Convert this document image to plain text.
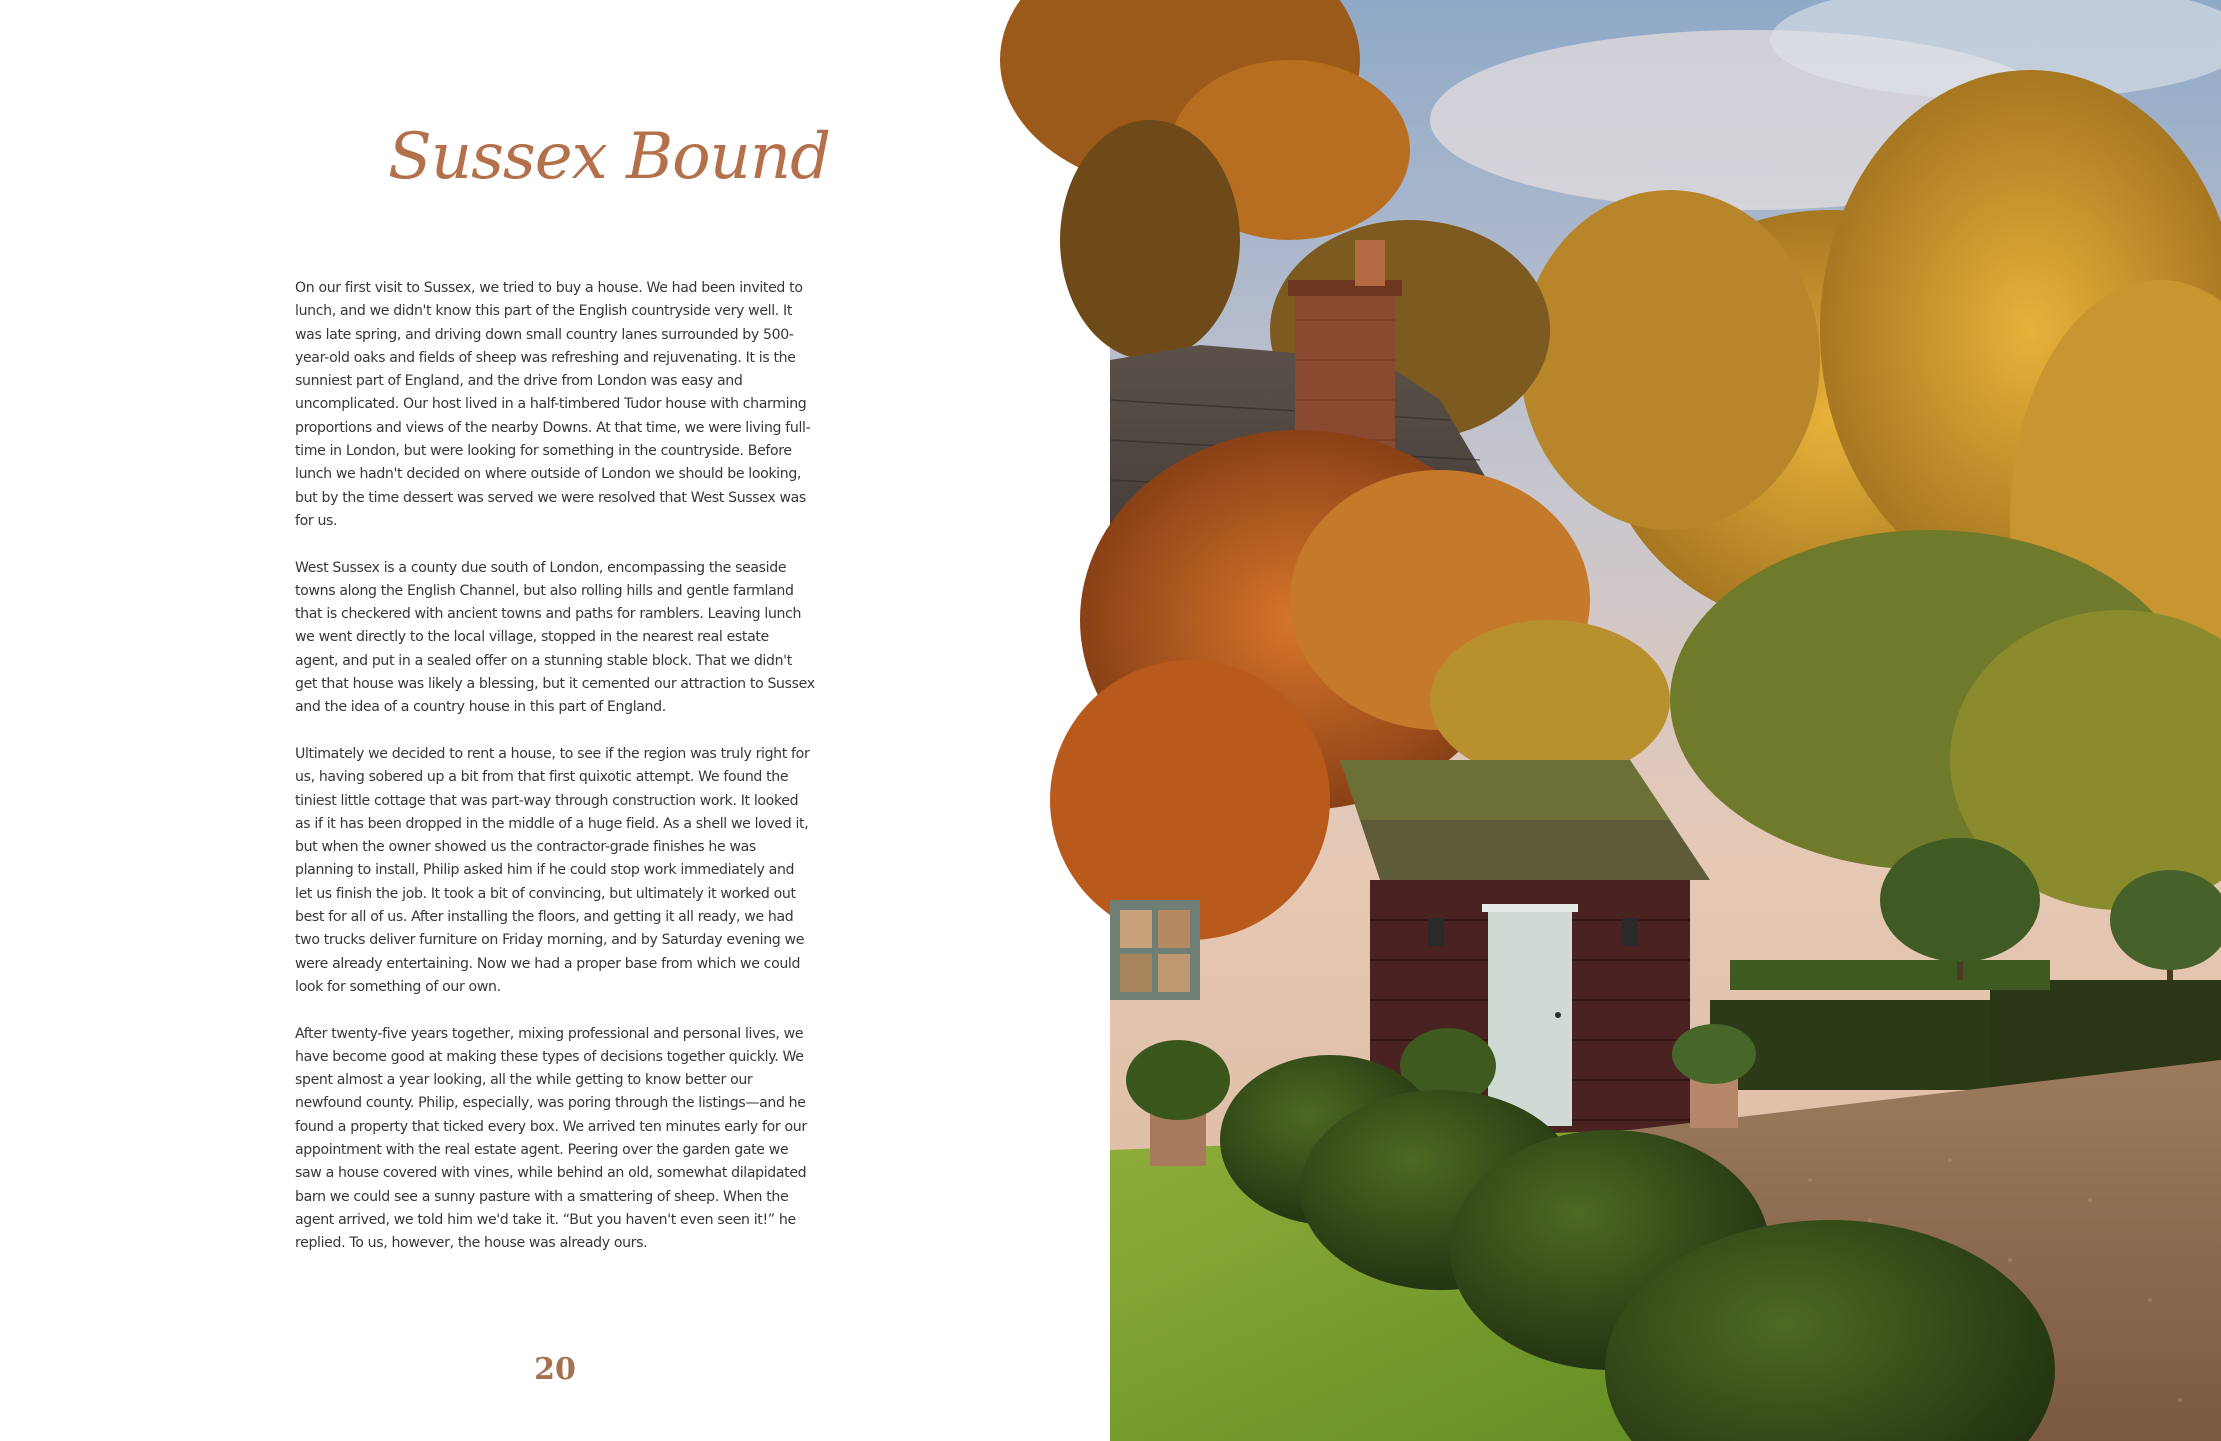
Sussex Bound

On our first visit to Sussex, we tried to buy a house. We had been invited to lunch, and we didn't know this part of the English countryside very well. It was late spring, and driving down small country lanes surrounded by 500-year-old oaks and fields of sheep was refreshing and rejuvenating. It is the sunniest part of England, and the drive from London was easy and uncomplicated. Our host lived in a half-timbered Tudor house with charming proportions and views of the nearby Downs. At that time, we were living full-time in London, but were looking for something in the countryside. Before lunch we hadn't decided on where outside of London we should be looking, but by the time dessert was served we were resolved that West Sussex was for us.

West Sussex is a county due south of London, encompassing the seaside towns along the English Channel, but also rolling hills and gentle farmland that is checkered with ancient towns and paths for ramblers. Leaving lunch we went directly to the local village, stopped in the nearest real estate agent, and put in a sealed offer on a stunning stable block. That we didn't get that house was likely a blessing, but it cemented our attraction to Sussex and the idea of a country house in this part of England.

Ultimately we decided to rent a house, to see if the region was truly right for us, having sobered up a bit from that first quixotic attempt. We found the tiniest little cottage that was part-way through construction work. It looked as if it has been dropped in the middle of a huge field. As a shell we loved it, but when the owner showed us the contractor-grade finishes he was planning to install, Philip asked him if he could stop work immediately and let us finish the job. It took a bit of convincing, but ultimately it worked out best for all of us. After installing the floors, and getting it all ready, we had two trucks deliver furniture on Friday morning, and by Saturday evening we were already entertaining. Now we had a proper base from which we could look for something of our own.

After twenty-five years together, mixing professional and personal lives, we have become good at making these types of decisions together quickly. We spent almost a year looking, all the while getting to know better our newfound county. Philip, especially, was poring through the listings—and he found a property that ticked every box. We arrived ten minutes early for our appointment with the real estate agent. Peering over the garden gate we saw a house covered with vines, while behind an old, somewhat dilapidated barn we could see a sunny pasture with a smattering of sheep. When the agent arrived, we told him we'd take it. “But you haven't even seen it!” he replied. To us, however, the house was already ours.

20
